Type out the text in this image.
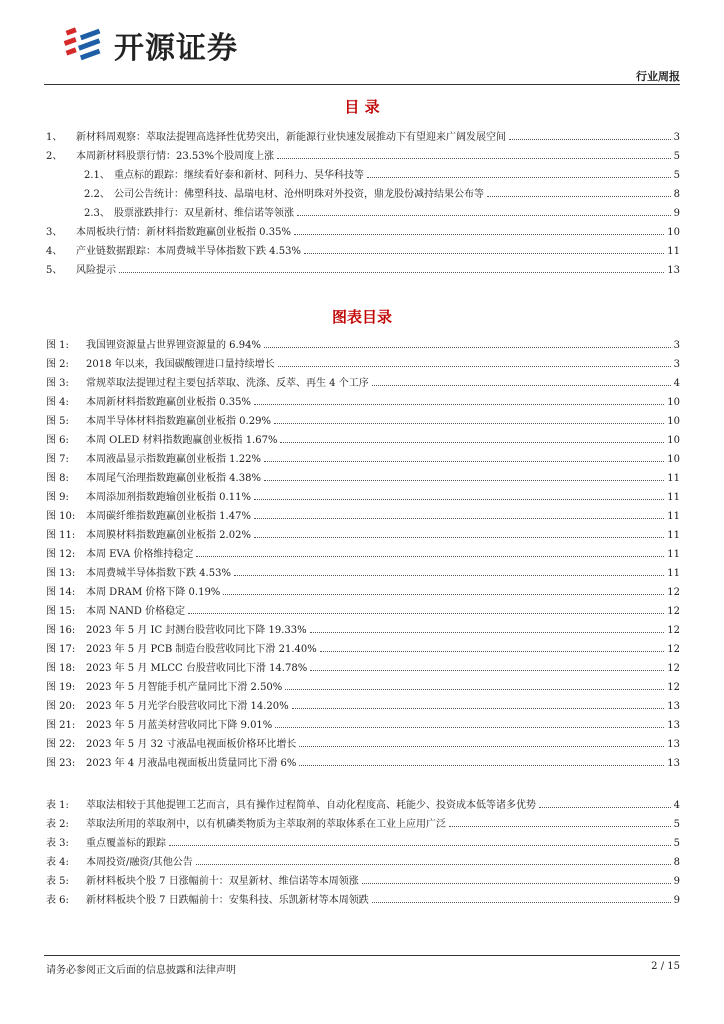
开源证券
行业周报
目 录
1、	新材料周观察：萃取法提锂高选择性优势突出，新能源行业快速发展推动下有望迎来广阔发展空间	3
2、	本周新材料股票行情：23.53%个股周度上涨	5
2.1、 重点标的跟踪：继续看好泰和新材、阿科力、昊华科技等	5
2.2、 公司公告统计：佛塑科技、晶瑞电材、沧州明珠对外投资，鼎龙股份减持结果公布等	8
2.3、 股票涨跌排行：双星新材、维信诺等领涨	9
3、	本周板块行情：新材料指数跑赢创业板指 0.35%	10
4、	产业链数据跟踪：本周费城半导体指数下跌 4.53%	11
5、	风险提示	13
图表目录
图 1:	我国锂资源量占世界锂资源量的 6.94%	3
图 2:	2018 年以来，我国碳酸锂进口量持续增长	3
图 3:	常规萃取法提锂过程主要包括萃取、洗涤、反萃、再生 4 个工序	4
图 4:	本周新材料指数跑赢创业板指 0.35%	10
图 5:	本周半导体材料指数跑赢创业板指 0.29%	10
图 6:	本周 OLED 材料指数跑赢创业板指 1.67%	10
图 7:	本周液晶显示指数跑赢创业板指 1.22%	10
图 8:	本周尾气治理指数跑赢创业板指 4.38%	11
图 9:	本周添加剂指数跑输创业板指 0.11%	11
图 10:	本周碳纤维指数跑赢创业板指 1.47%	11
图 11:	本周膜材料指数跑赢创业板指 2.02%	11
图 12:	本周 EVA 价格维持稳定	11
图 13:	本周费城半导体指数下跌 4.53%	11
图 14:	本周 DRAM 价格下降 0.19%	12
图 15:	本周 NAND 价格稳定	12
图 16:	2023 年 5 月 IC 封测台股营收同比下降 19.33%	12
图 17:	2023 年 5 月 PCB 制造台股营收同比下滑 21.40%	12
图 18:	2023 年 5 月 MLCC 台股营收同比下滑 14.78%	12
图 19:	2023 年 5 月智能手机产量同比下滑 2.50%	12
图 20:	2023 年 5 月光学台股营收同比下滑 14.20%	13
图 21:	2023 年 5 月蓝美材营收同比下降 9.01%	13
图 22:	2023 年 5 月 32 寸液晶电视面板价格环比增长	13
图 23:	2023 年 4 月液晶电视面板出货量同比下滑 6%	13
表 1:	萃取法相较于其他提锂工艺而言，具有操作过程简单、自动化程度高、耗能少、投资成本低等诸多优势	4
表 2:	萃取法所用的萃取剂中，以有机磷类物质为主萃取剂的萃取体系在工业上应用广泛	5
表 3:	重点覆盖标的跟踪	5
表 4:	本周投资/融资/其他公告	8
表 5:	新材料板块个股 7 日涨幅前十：双星新材、维信诺等本周领涨	9
表 6:	新材料板块个股 7 日跌幅前十：安集科技、乐凯新材等本周领跌	9
请务必参阅正文后面的信息披露和法律声明	2 / 15
